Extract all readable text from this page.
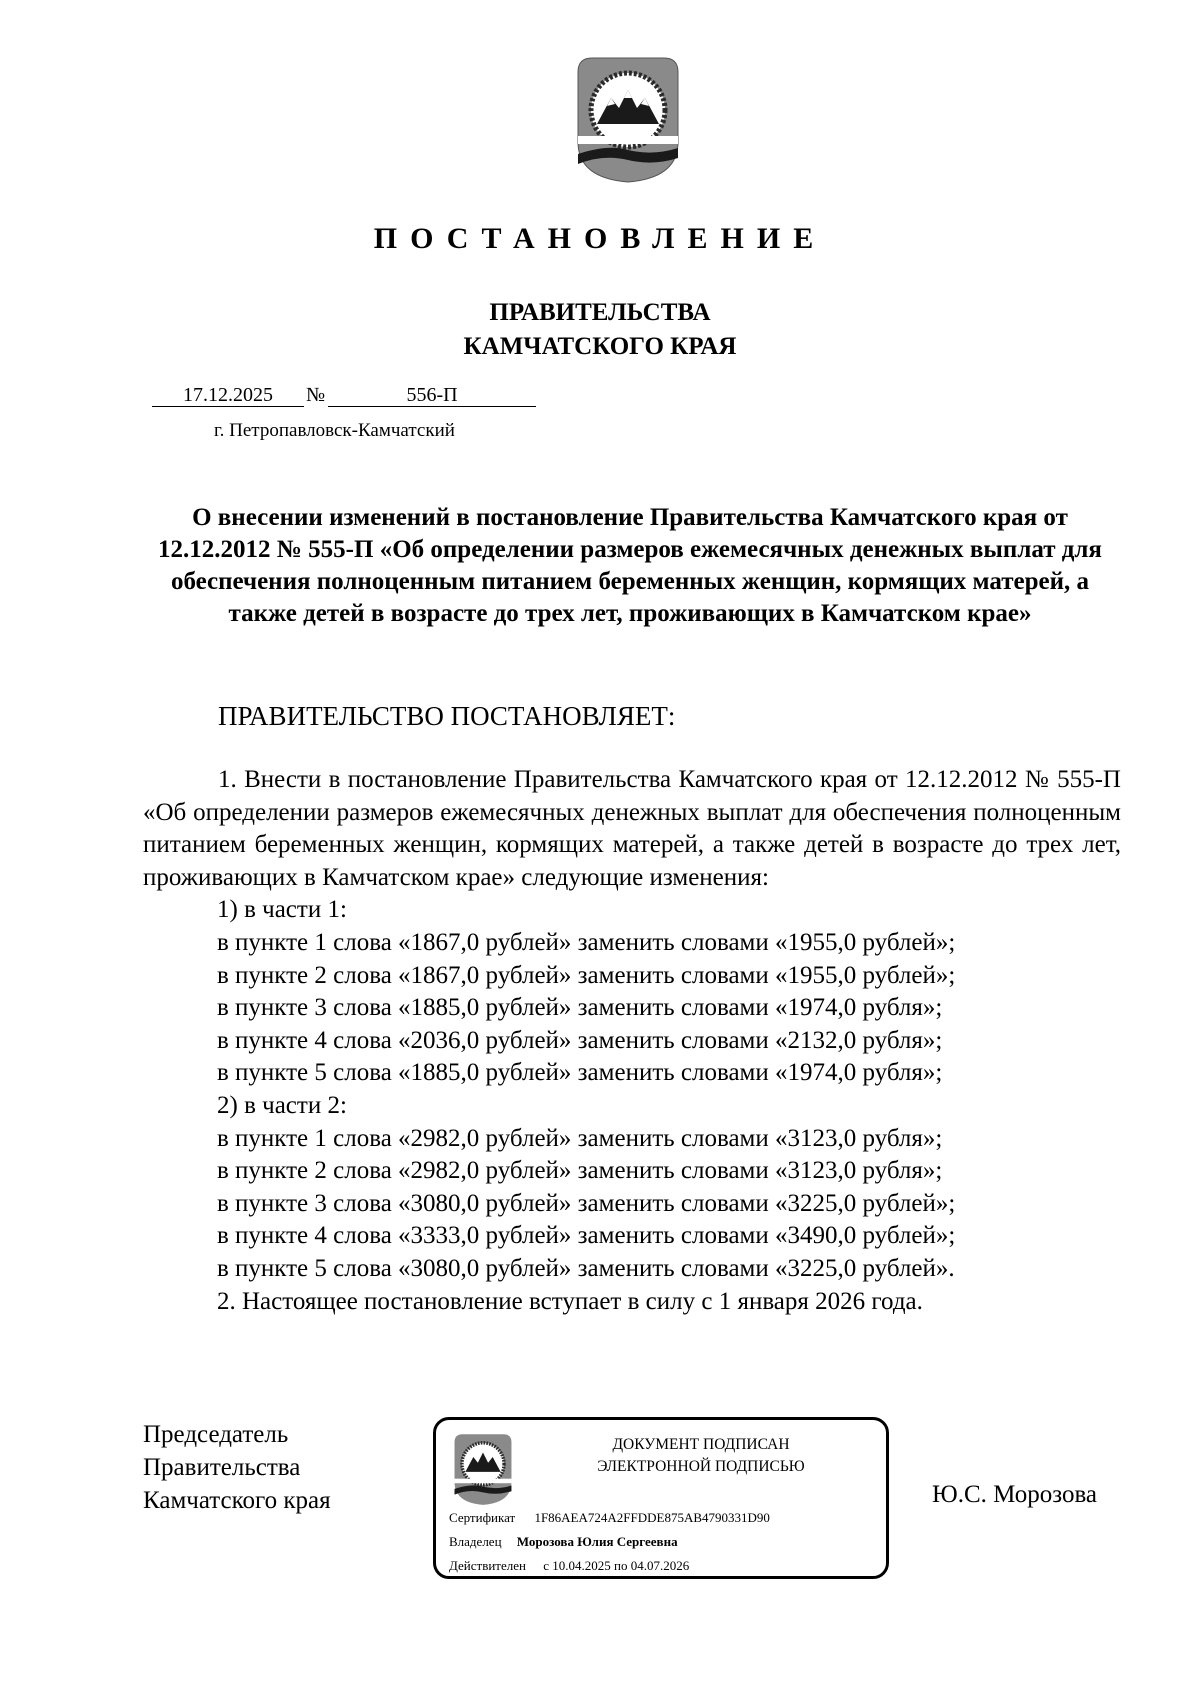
ПОСТАНОВЛЕНИЕ
ПРАВИТЕЛЬСТВА
КАМЧАТСКОГО КРАЯ
17.12.2025	№	556-П
г. Петропавловск-Камчатский
О внесении изменений в постановление Правительства Камчатского края от 12.12.2012 № 555-П «Об определении размеров ежемесячных денежных выплат для обеспечения полноценным питанием беременных женщин, кормящих матерей, а также детей в возрасте до трех лет, проживающих в Камчатском крае»
ПРАВИТЕЛЬСТВО ПОСТАНОВЛЯЕТ:

1. Внести в постановление Правительства Камчатского края от 12.12.2012 № 555-П «Об определении размеров ежемесячных денежных выплат для обеспечения полноценным питанием беременных женщин, кормящих матерей, а также детей в возрасте до трех лет, проживающих в Камчатском крае» следующие изменения:

1) в части 1:

в пункте 1 слова «1867,0 рублей» заменить словами «1955,0 рублей»;

в пункте 2 слова «1867,0 рублей» заменить словами «1955,0 рублей»;

в пункте 3 слова «1885,0 рублей» заменить словами «1974,0 рубля»;

в пункте 4 слова «2036,0 рублей» заменить словами «2132,0 рубля»;

в пункте 5 слова «1885,0 рублей» заменить словами «1974,0 рубля»;

2) в части 2:

в пункте 1 слова «2982,0 рублей» заменить словами «3123,0 рубля»;

в пункте 2 слова «2982,0 рублей» заменить словами «3123,0 рубля»;

в пункте 3 слова «3080,0 рублей» заменить словами «3225,0 рублей»;

в пункте 4 слова «3333,0 рублей» заменить словами «3490,0 рублей»;

в пункте 5 слова «3080,0 рублей» заменить словами «3225,0 рублей».

2. Настоящее постановление вступает в силу с 1 января 2026 года.

Председатель
Правительства
Камчатского края
ДОКУМЕНТ ПОДПИСАН
ЭЛЕКТРОННОЙ ПОДПИСЬЮ
Сертификат 1F86AEA724A2FFDDE875AB4790331D90
Владелец Морозова Юлия Сергеевна
Действителен с 10.04.2025 по 04.07.2026
Ю.С. Морозова
